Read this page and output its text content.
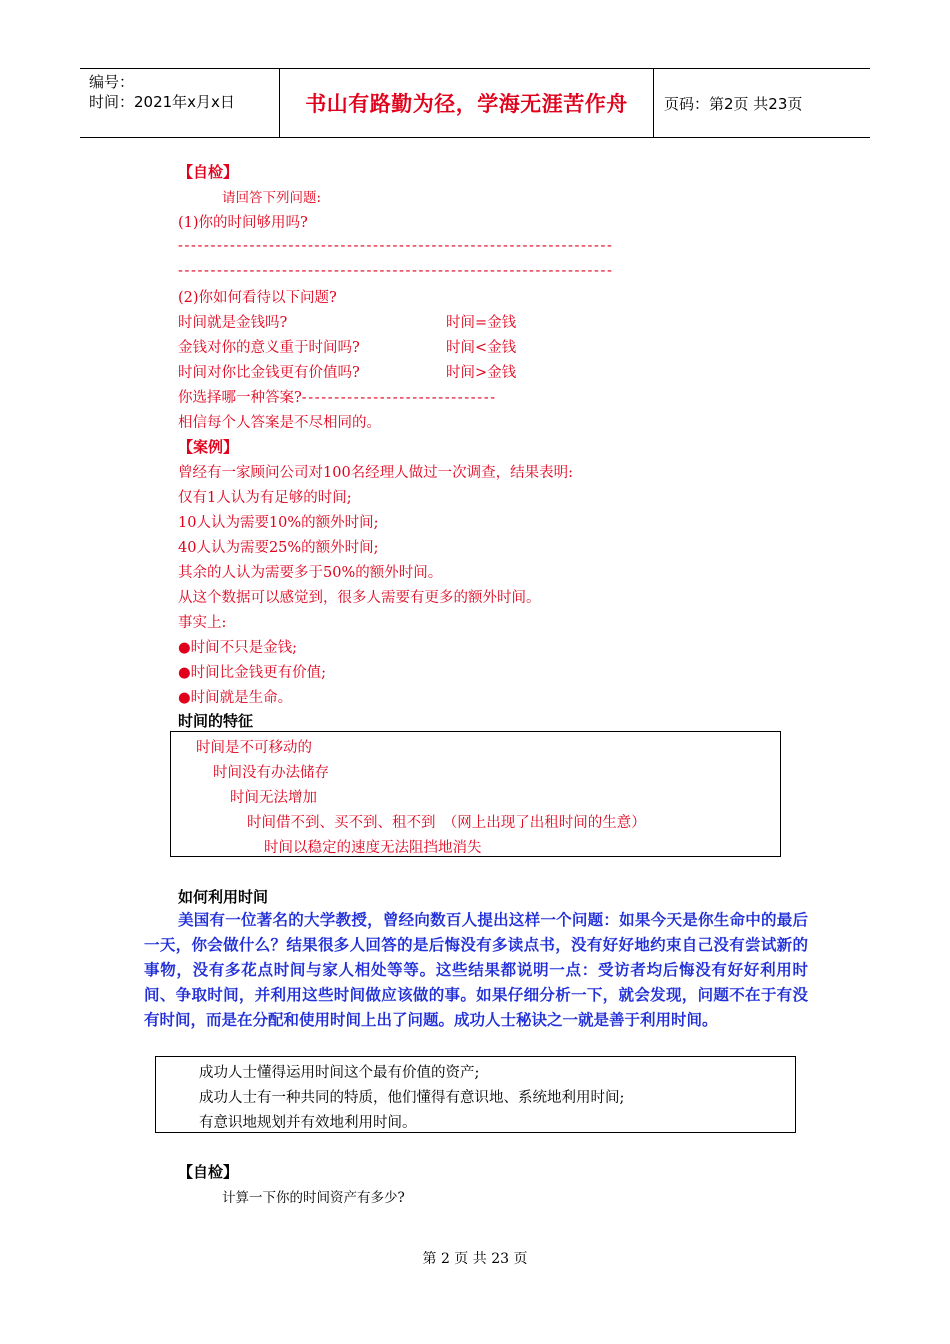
编号：
时间：2021年x月x日	书山有路勤为径，学海无涯苦作舟	页码：第2页 共23页
【自检】
请回答下列问题:
(1)你的时间够用吗?
-------------------------------------------------------------------
-------------------------------------------------------------------
(2)你如何看待以下问题?
时间就是金钱吗?	时间=金钱
金钱对你的意义重于时间吗?	时间<金钱
时间对你比金钱更有价值吗?	时间>金钱
你选择哪一种答案?------------------------------
相信每个人答案是不尽相同的。
【案例】
曾经有一家顾问公司对100名经理人做过一次调查，结果表明:
仅有1人认为有足够的时间;
10人认为需要10%的额外时间;
40人认为需要25%的额外时间;
其余的人认为需要多于50%的额外时间。
从这个数据可以感觉到，很多人需要有更多的额外时间。
事实上:
●时间不只是金钱;
●时间比金钱更有价值;
●时间就是生命。
时间的特征
时间是不可移动的
时间没有办法储存
时间无法增加
时间借不到、买不到、租不到　（网上出现了出租时间的生意）
时间以稳定的速度无法阻挡地消失
如何利用时间
美国有一位著名的大学教授，曾经向数百人提出这样一个问题：如果今天是你生命中的最后一天，你会做什么？结果很多人回答的是后悔没有多读点书，没有好好地约束自己没有尝试新的事物，没有多花点时间与家人相处等等。这些结果都说明一点：受访者均后悔没有好好利用时间、争取时间，并利用这些时间做应该做的事。如果仔细分析一下，就会发现，问题不在于有没有时间，而是在分配和使用时间上出了问题。成功人士秘诀之一就是善于利用时间。
成功人士懂得运用时间这个最有价值的资产;
成功人士有一种共同的特质，他们懂得有意识地、系统地利用时间;
有意识地规划并有效地利用时间。
【自检】
计算一下你的时间资产有多少?
第 2 页 共 23 页
